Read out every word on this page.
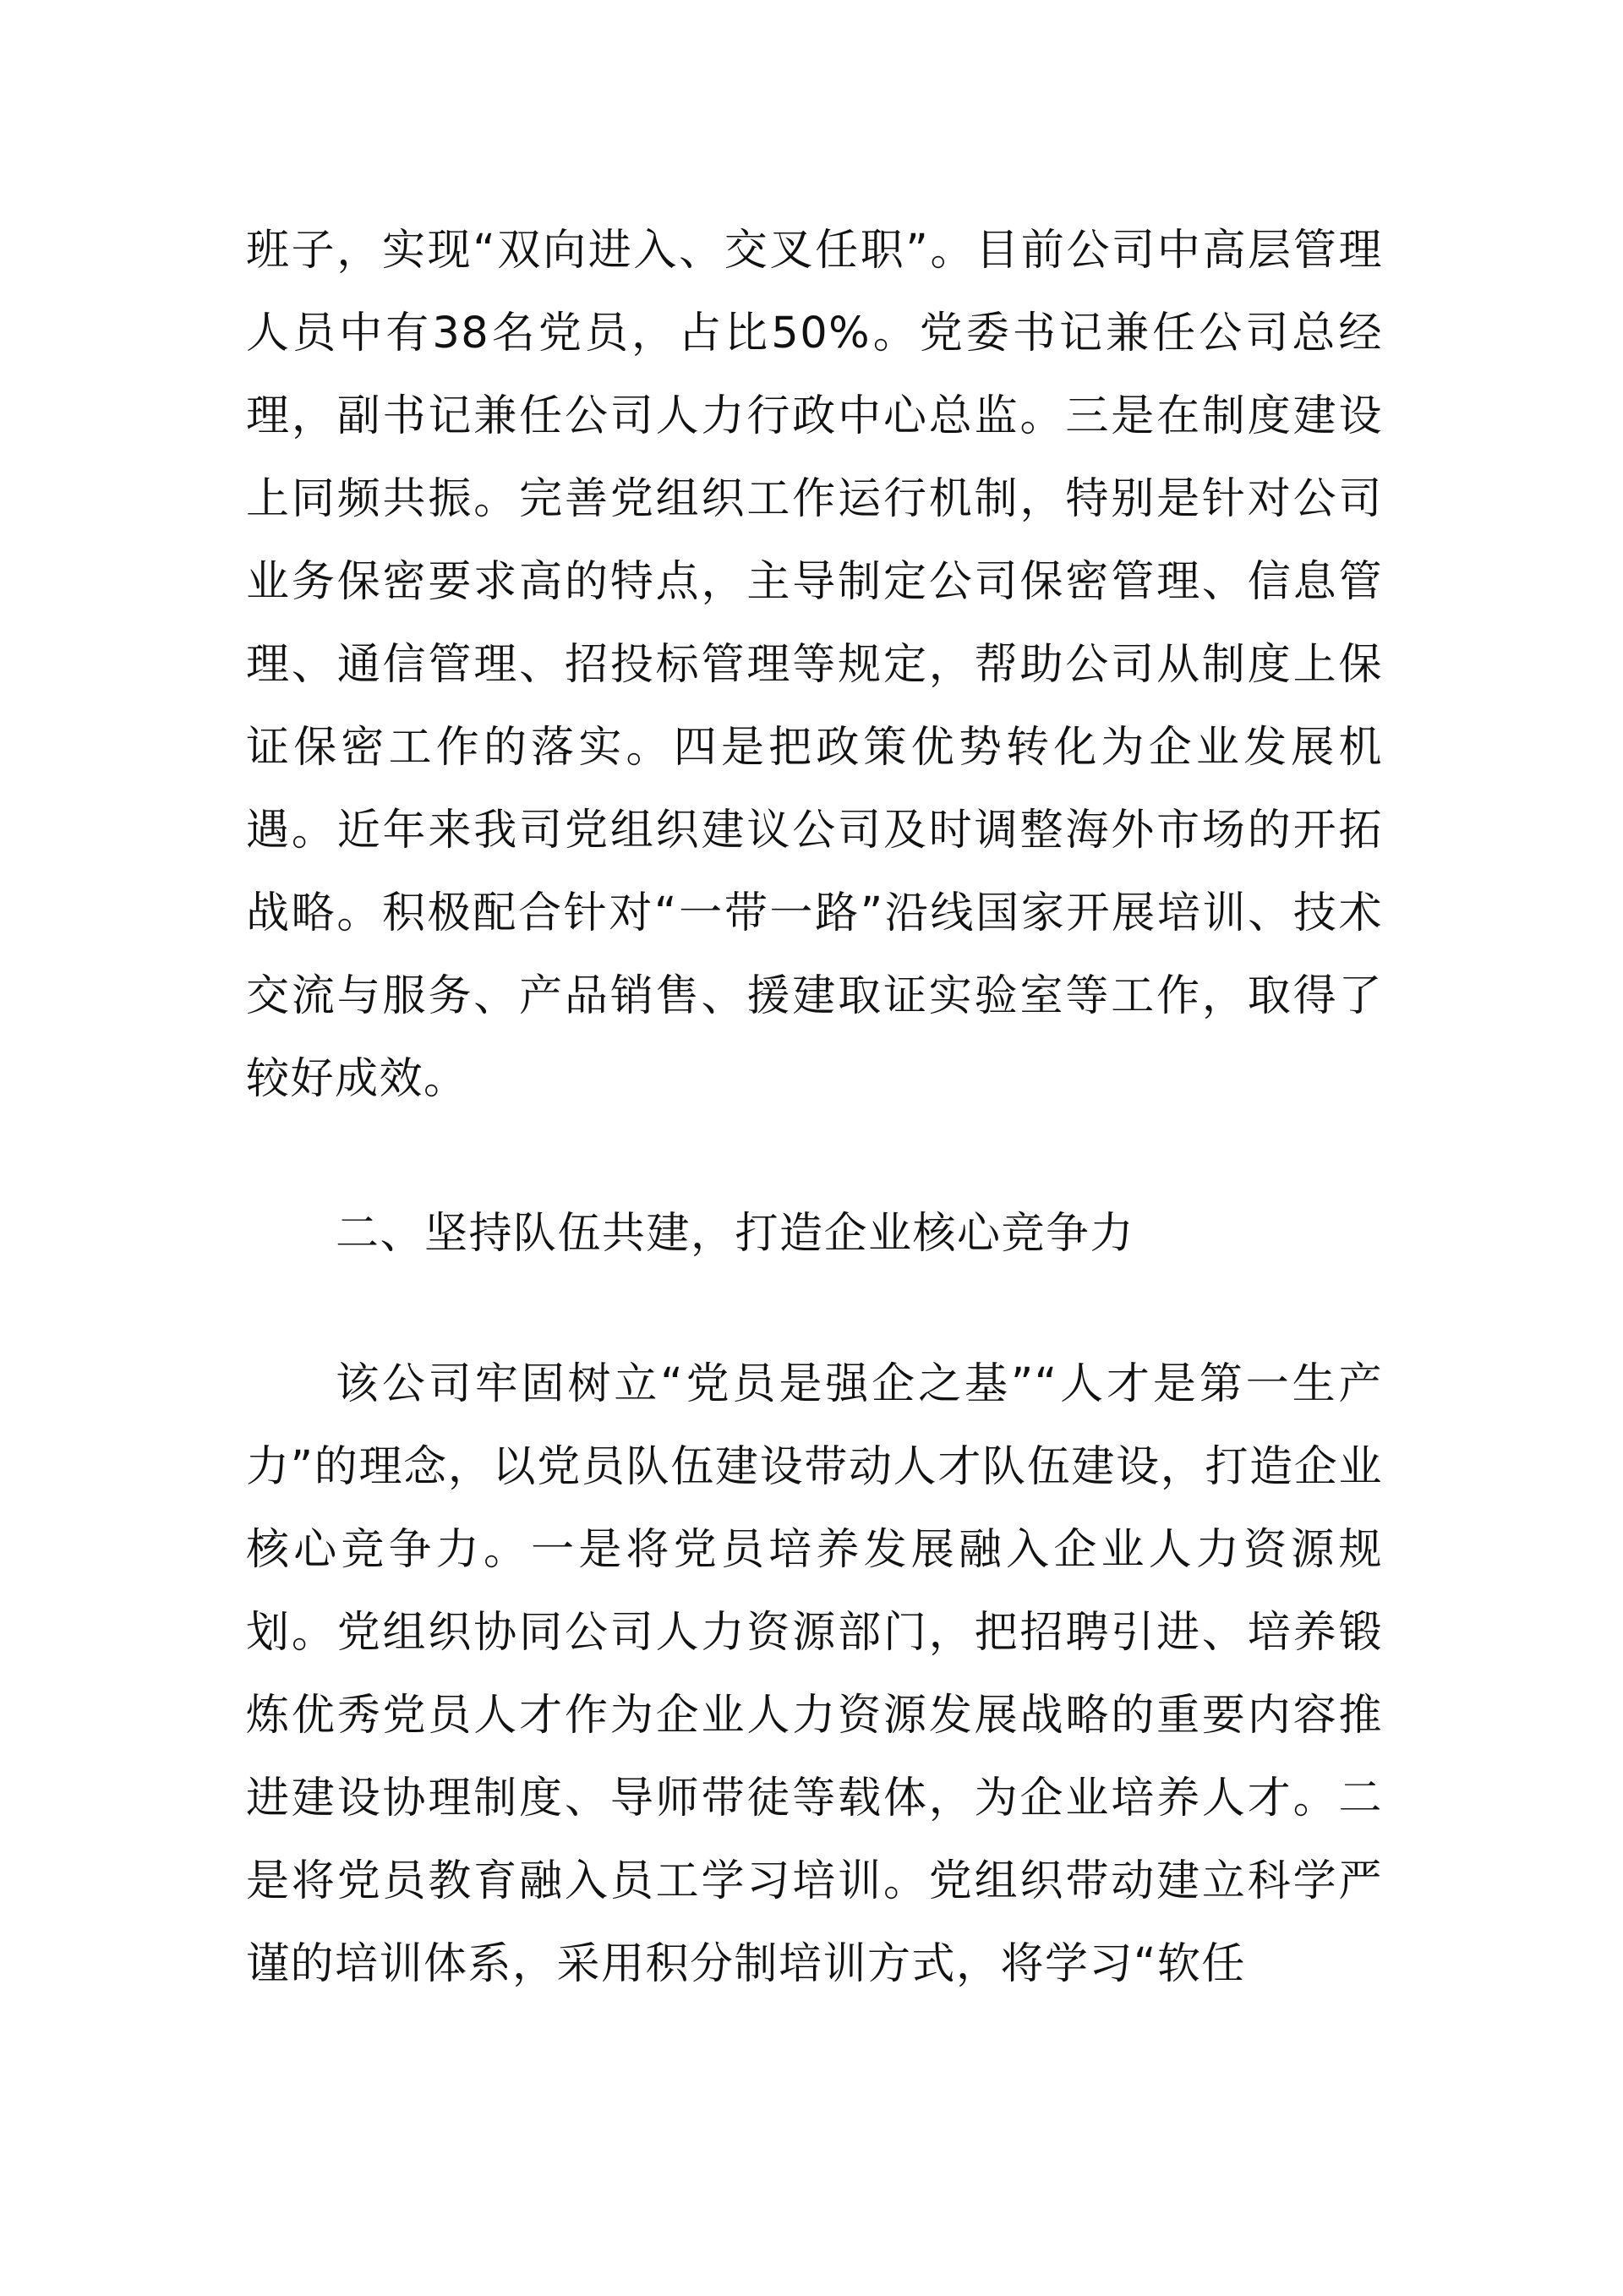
班子，实现“双向进入、交叉任职”。目前公司中高层管理人员中有38名党员，占比50%。党委书记兼任公司总经理，副书记兼任公司人力行政中心总监。三是在制度建设上同频共振。完善党组织工作运行机制，特别是针对公司业务保密要求高的特点，主导制定公司保密管理、信息管理、通信管理、招投标管理等规定，帮助公司从制度上保证保密工作的落实。四是把政策优势转化为企业发展机遇。近年来我司党组织建议公司及时调整海外市场的开拓战略。积极配合针对“一带一路”沿线国家开展培训、技术交流与服务、产品销售、援建取证实验室等工作，取得了较好成效。

二、坚持队伍共建，打造企业核心竞争力

该公司牢固树立“党员是强企之基”“人才是第一生产力”的理念，以党员队伍建设带动人才队伍建设，打造企业核心竞争力。一是将党员培养发展融入企业人力资源规划。党组织协同公司人力资源部门，把招聘引进、培养锻炼优秀党员人才作为企业人力资源发展战略的重要内容推进建设协理制度、导师带徒等载体，为企业培养人才。二是将党员教育融入员工学习培训。党组织带动建立科学严谨的培训体系，采用积分制培训方式，将学习“软任
